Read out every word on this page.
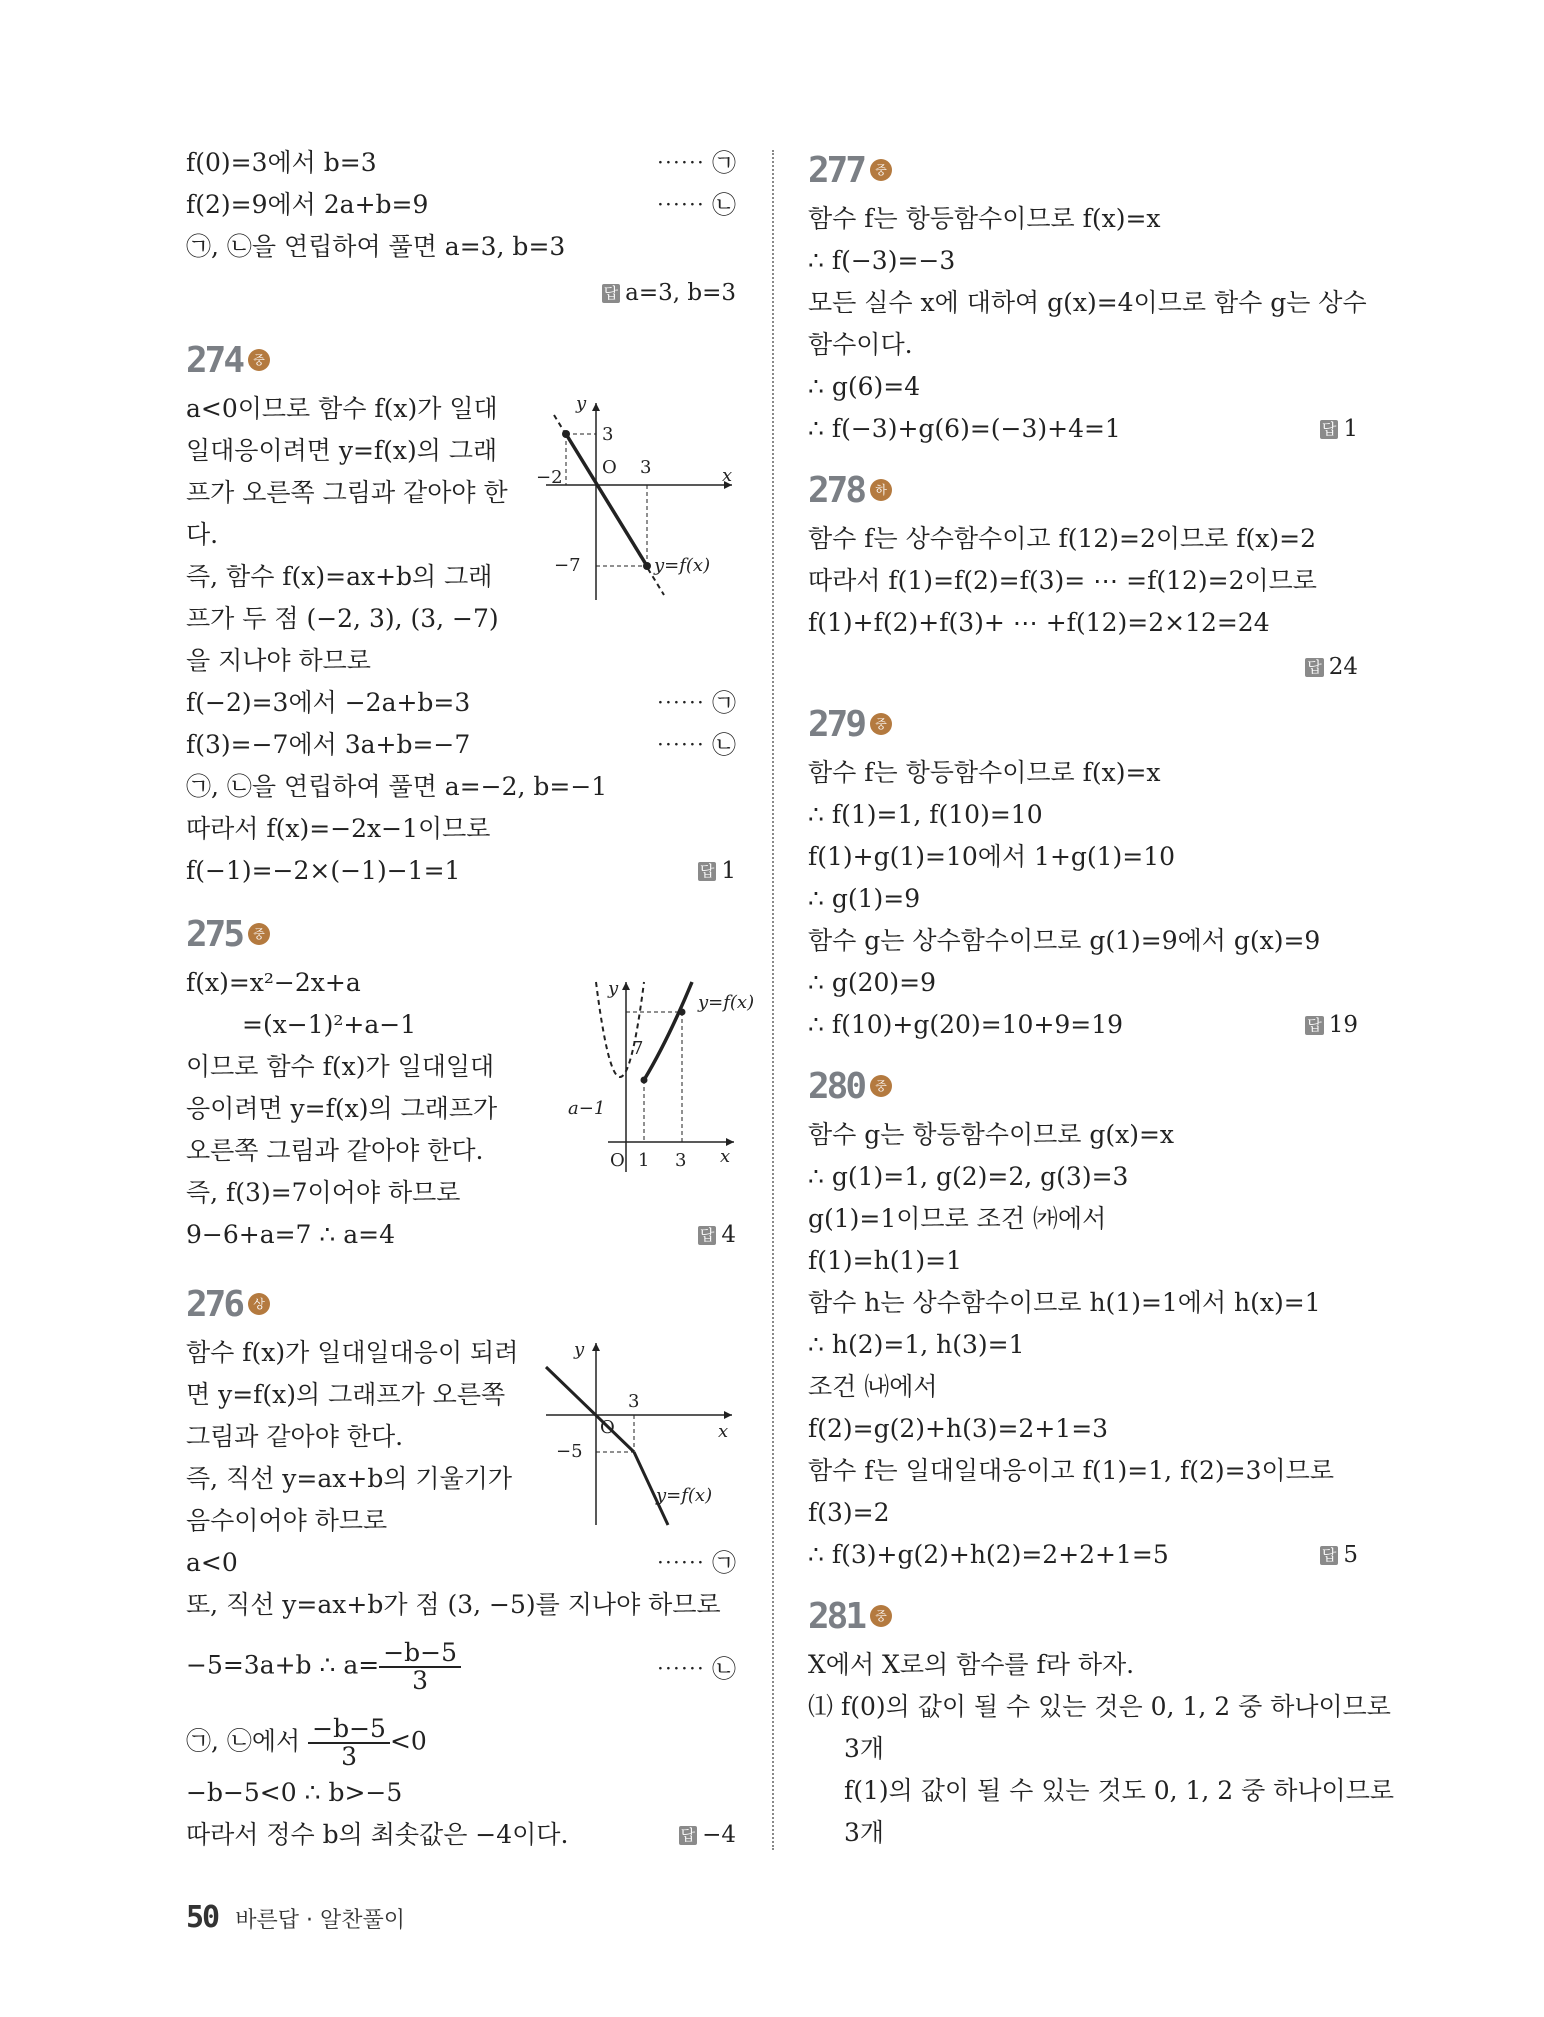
f(0)=3에서 b=3	⋯⋯ ㉠
f(2)=9에서 2a+b=9	⋯⋯ ㉡
㉠, ㉡을 연립하여 풀면 a=3, b=3
답 a=3, b=3
274 중
a<0이므로 함수 f(x)가 일대
일대응이려면 y=f(x)의 그래
프가 오른쪽 그림과 같아야 한
다.
즉, 함수 f(x)=ax+b의 그래
프가 두 점 (−2, 3), (3, −7)
을 지나야 하므로
f(−2)=3에서 −2a+b=3	⋯⋯ ㉠
f(3)=−7에서 3a+b=−7	⋯⋯ ㉡
㉠, ㉡을 연립하여 풀면 a=−2, b=−1
따라서 f(x)=−2x−1이므로
f(−1)=−2×(−1)−1=1	답 1
y
x
3
O 3
−2
−7	y=f(x)
275 중
f(x)=x²−2x+a
=(x−1)²+a−1
이므로 함수 f(x)가 일대일대
응이려면 y=f(x)의 그래프가
오른쪽 그림과 같아야 한다.
즉, f(3)=7이어야 하므로
9−6+a=7 ∴ a=4	답 4
y
y=f(x)
7
a−1
O 1 3 x
276 상
함수 f(x)가 일대일대응이 되려
면 y=f(x)의 그래프가 오른쪽
그림과 같아야 한다.
즉, 직선 y=ax+b의 기울기가
음수이어야 하므로
a<0	⋯⋯ ㉠
또, 직선 y=ax+b가 점 (3, −5)를 지나야 하므로
−5=3a+b ∴ $a= \frac{-b-5}{3}$	⋯⋯ ㉡
㉠, ㉡에서 $\frac{-b-5}{3} <0$
−b−5<0 ∴ b>−5
따라서 정수 b의 최솟값은 −4이다.	답 −4
y
3
O	x
−5
y=f(x)
277 중
함수 f는 항등함수이므로 f(x)=x
∴ f(−3)=−3
모든 실수 x에 대하여 g(x)=4이므로 함수 g는 상수
함수이다.
∴ g(6)=4
∴ f(−3)+g(6)=(−3)+4=1	답 1
278 하
함수 f는 상수함수이고 f(12)=2이므로 f(x)=2
따라서 f(1)=f(2)=f(3)= ⋯ =f(12)=2이므로
f(1)+f(2)+f(3)+ ⋯ +f(12)=2×12=24
답 24
279 중
함수 f는 항등함수이므로 f(x)=x
∴ f(1)=1, f(10)=10
f(1)+g(1)=10에서 1+g(1)=10
∴ g(1)=9
함수 g는 상수함수이므로 g(1)=9에서 g(x)=9
∴ g(20)=9
∴ f(10)+g(20)=10+9=19	답 19
280 중
함수 g는 항등함수이므로 g(x)=x
∴ g(1)=1, g(2)=2, g(3)=3
g(1)=1이므로 조건 ㈎에서
f(1)=h(1)=1
함수 h는 상수함수이므로 h(1)=1에서 h(x)=1
∴ h(2)=1, h(3)=1
조건 ㈏에서
f(2)=g(2)+h(3)=2+1=3
함수 f는 일대일대응이고 f(1)=1, f(2)=3이므로
f(3)=2
∴ f(3)+g(2)+h(2)=2+2+1=5	답 5
281 중
X에서 X로의 함수를 f라 하자.
⑴ f(0)의 값이 될 수 있는 것은 0, 1, 2 중 하나이므로
3개
f(1)의 값이 될 수 있는 것도 0, 1, 2 중 하나이므로
3개
50 바른답 · 알찬풀이
